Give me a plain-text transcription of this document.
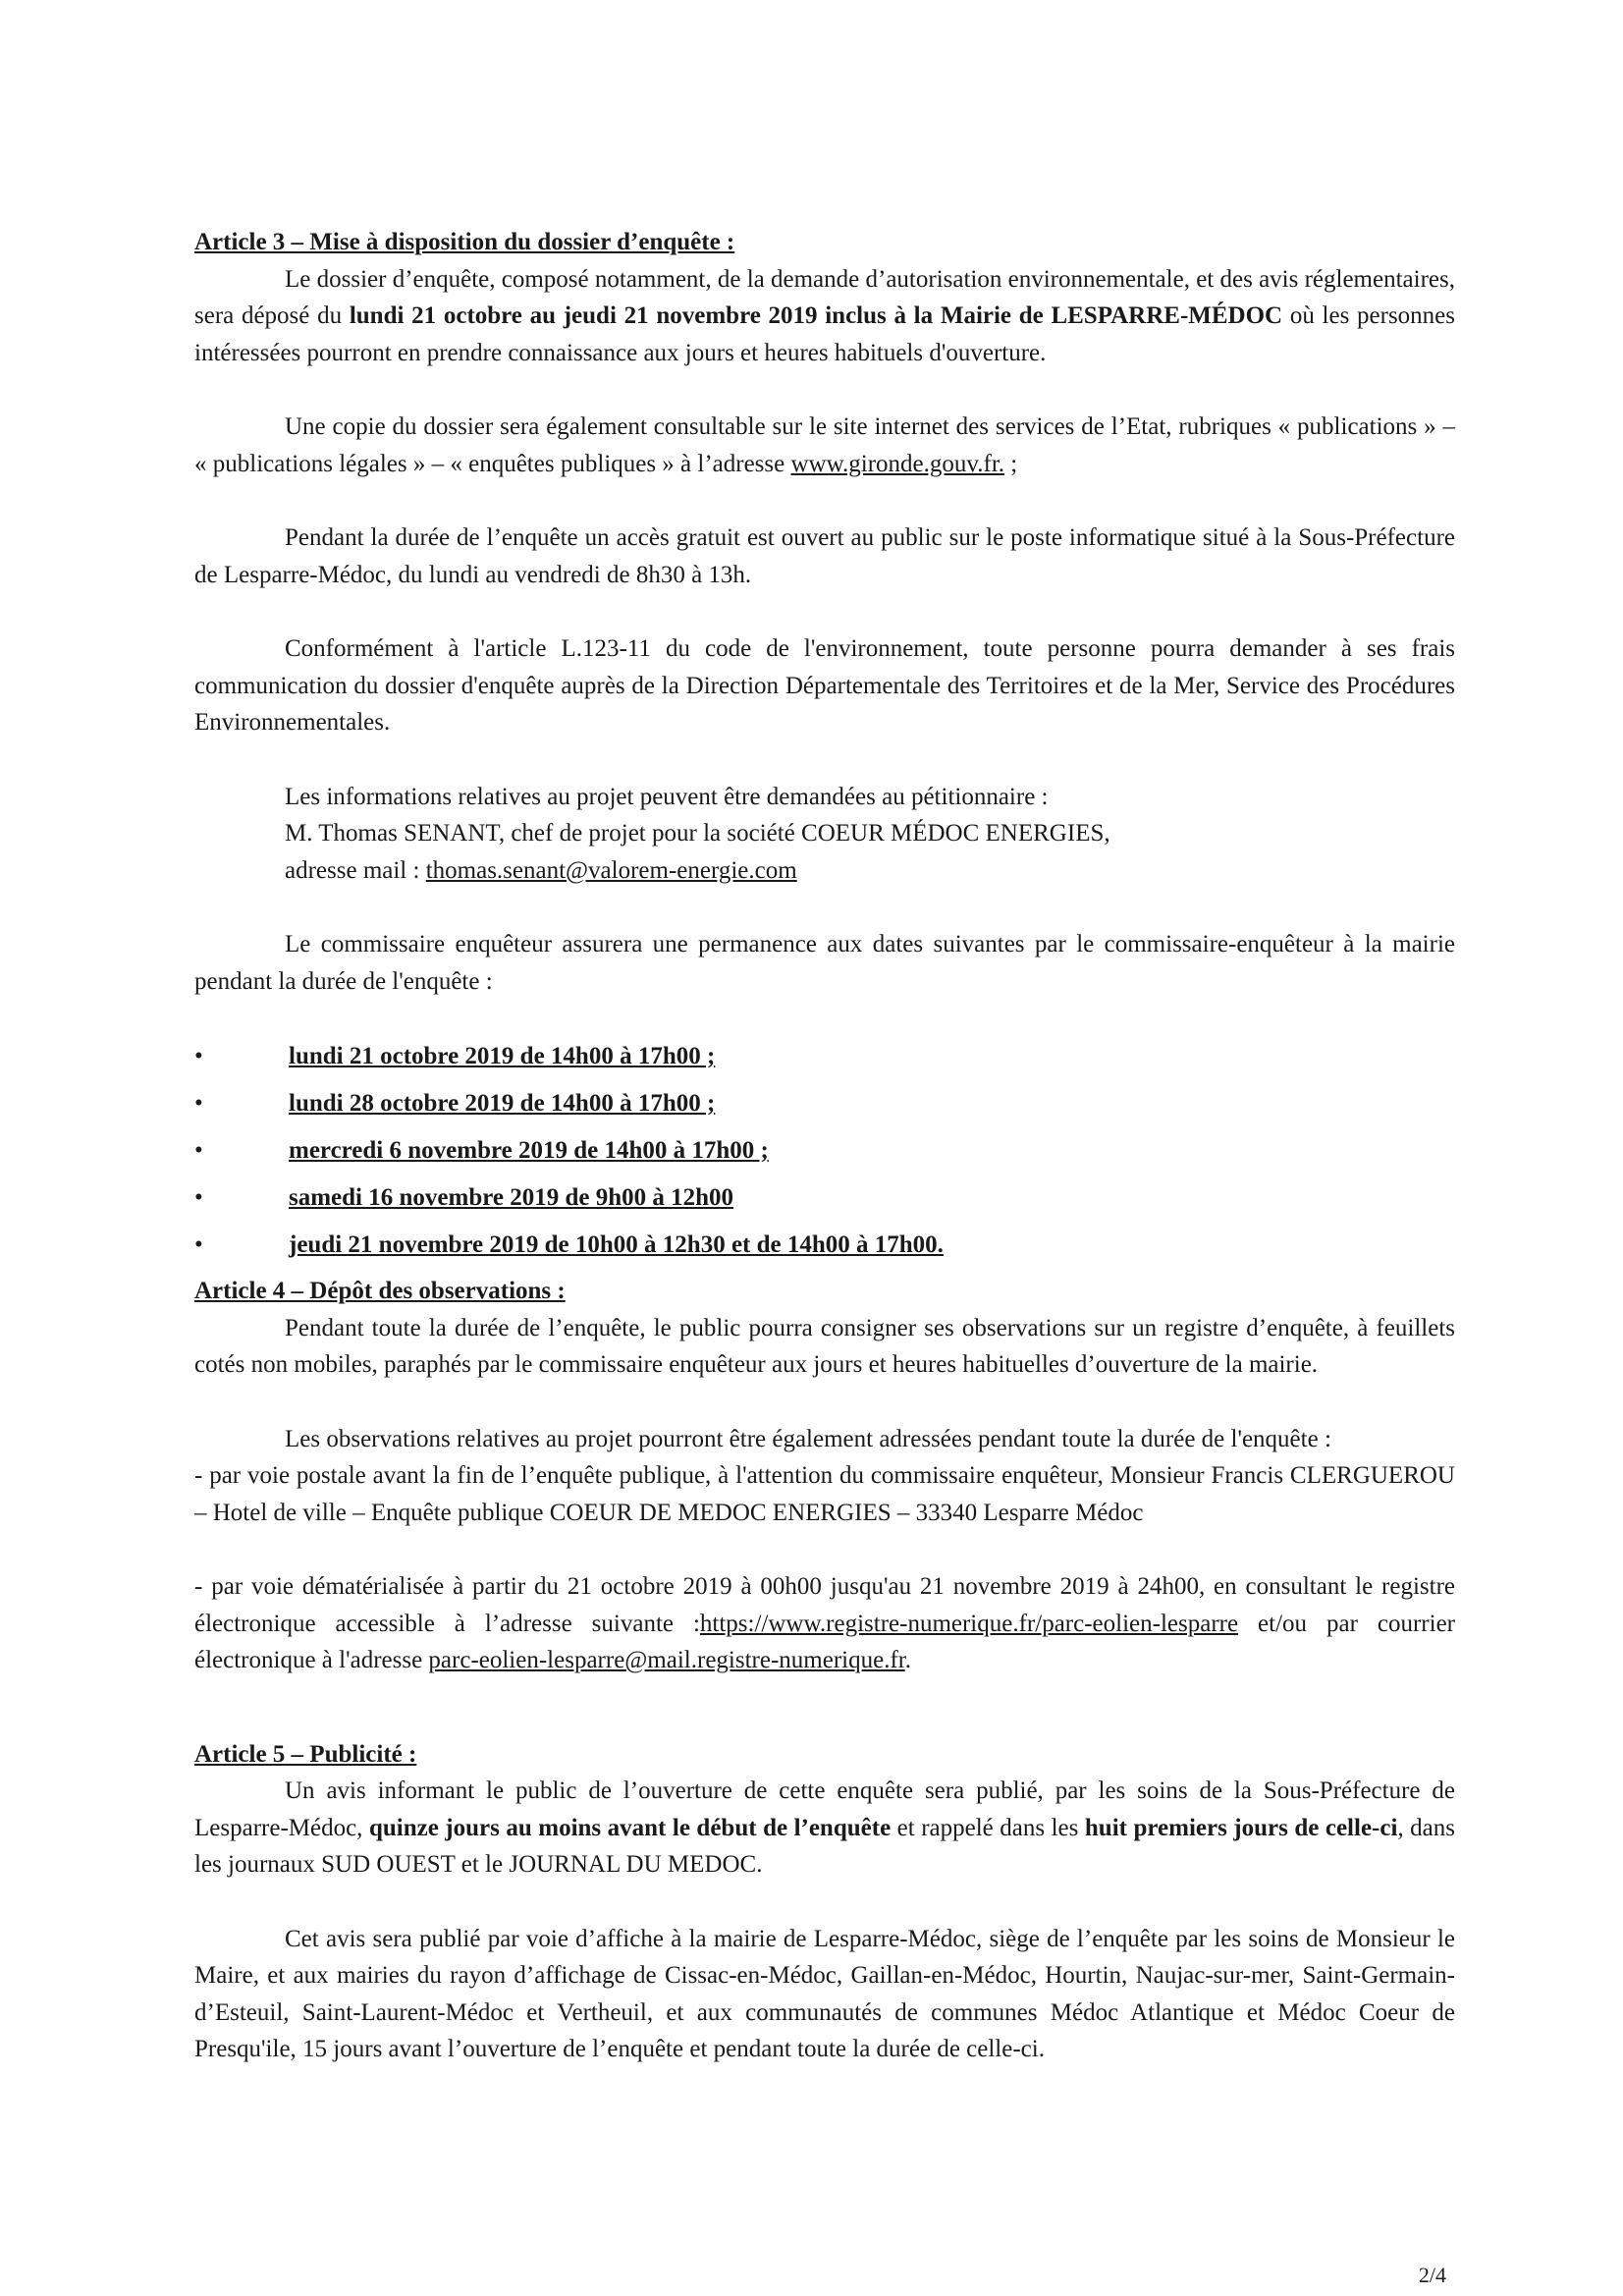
Article 3 – Mise à disposition du dossier d’enquête :

Le dossier d’enquête, composé notamment, de la demande d’autorisation environnementale, et des avis réglementaires, sera déposé du lundi 21 octobre au jeudi 21 novembre 2019 inclus à la Mairie de LESPARRE-MÉDOC où les personnes intéressées pourront en prendre connaissance aux jours et heures habituels d'ouverture.

Une copie du dossier sera également consultable sur le site internet des services de l’Etat, rubriques « publications » – « publications légales » – « enquêtes publiques » à l’adresse www.gironde.gouv.fr. ;

Pendant la durée de l’enquête un accès gratuit est ouvert au public sur le poste informatique situé à la Sous-Préfecture de Lesparre-Médoc, du lundi au vendredi de 8h30 à 13h.

Conformément à l'article L.123-11 du code de l'environnement, toute personne pourra demander à ses frais communication du dossier d'enquête auprès de la Direction Départementale des Territoires et de la Mer, Service des Procédures Environnementales.

Les informations relatives au projet peuvent être demandées au pétitionnaire :
M. Thomas SENANT, chef de projet pour la société COEUR MÉDOC ENERGIES,
adresse mail : thomas.senant@valorem-energie.com

Le commissaire enquêteur assurera une permanence aux dates suivantes par le commissaire-enquêteur à la mairie pendant la durée de l'enquête :

•	lundi 21 octobre 2019 de 14h00 à 17h00 ;
•	lundi 28 octobre 2019 de 14h00 à 17h00 ;
•	mercredi 6 novembre 2019 de 14h00 à 17h00 ;
•	samedi 16 novembre 2019 de 9h00 à 12h00
•	jeudi 21 novembre 2019 de 10h00 à 12h30 et de 14h00 à 17h00.

Article 4 – Dépôt des observations :

Pendant toute la durée de l’enquête, le public pourra consigner ses observations sur un registre d’enquête, à feuillets cotés non mobiles, paraphés par le commissaire enquêteur aux jours et heures habituelles d’ouverture de la mairie.

Les observations relatives au projet pourront être également adressées pendant toute la durée de l'enquête :

- par voie postale avant la fin de l’enquête publique, à l'attention du commissaire enquêteur, Monsieur Francis CLERGUEROU – Hotel de ville – Enquête publique COEUR DE MEDOC ENERGIES – 33340 Lesparre Médoc

- par voie dématérialisée à partir du 21 octobre 2019 à 00h00 jusqu'au 21 novembre 2019 à 24h00, en consultant le registre électronique accessible à l’adresse suivante :https://www.registre-numerique.fr/parc-eolien-lesparre et/ou par courrier électronique à l'adresse parc-eolien-lesparre@mail.registre-numerique.fr.

Article 5 – Publicité :

Un avis informant le public de l’ouverture de cette enquête sera publié, par les soins de la Sous-Préfecture de Lesparre-Médoc, quinze jours au moins avant le début de l’enquête et rappelé dans les huit premiers jours de celle-ci, dans les journaux SUD OUEST et le JOURNAL DU MEDOC.

Cet avis sera publié par voie d’affiche à la mairie de Lesparre-Médoc, siège de l’enquête par les soins de Monsieur le Maire, et aux mairies du rayon d’affichage de Cissac-en-Médoc, Gaillan-en-Médoc, Hourtin, Naujac-sur-mer, Saint-Germain-d’Esteuil, Saint-Laurent-Médoc et Vertheuil, et aux communautés de communes Médoc Atlantique et Médoc Coeur de Presqu'ile, 15 jours avant l’ouverture de l’enquête et pendant toute la durée de celle-ci.

2/4
